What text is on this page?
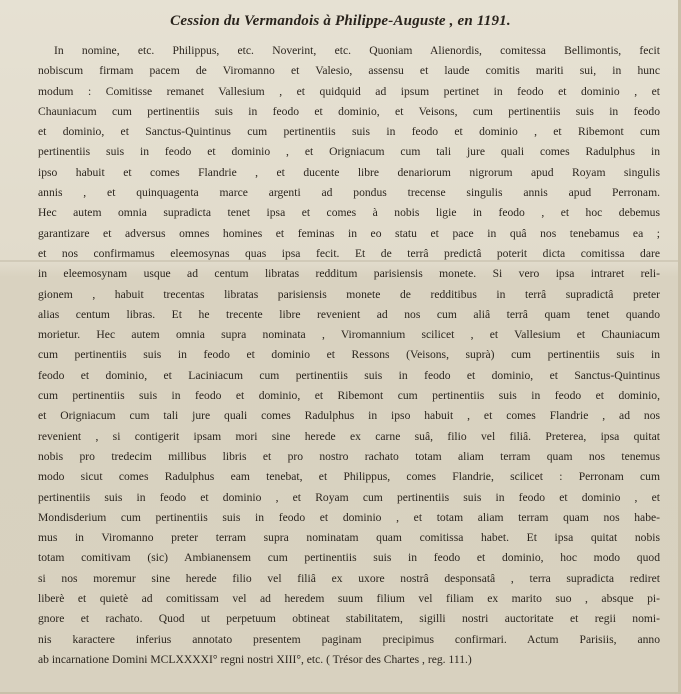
Cession du Vermandois à Philippe-Auguste , en 1191.
In nomine, etc. Philippus, etc. Noverint, etc. Quoniam Alienordis, comitessa Bellimontis, fecit
nobiscum firmam pacem de Viromanno et Valesio, assensu et laude comitis mariti sui, in hunc
modum : Comitisse remanet Vallesium , et quidquid ad ipsum pertinet in feodo et dominio , et
Chauniacum cum pertinentiis suis in feodo et dominio, et Veisons, cum pertinentiis suis in feodo
et dominio, et Sanctus-Quintinus cum pertinentiis suis in feodo et dominio , et Ribemont cum
pertinentiis suis in feodo et dominio , et Origniacum cum tali jure quali comes Radulphus in
ipso habuit et comes Flandrie , et ducente libre denariorum nigrorum apud Royam singulis
annis , et quinquagenta marce argenti ad pondus trecense singulis annis apud Perronam.
Hec autem omnia supradicta tenet ipsa et comes à nobis ligie in feodo , et hoc debemus
garantizare et adversus omnes homines et feminas in eo statu et pace in quâ nos tenebamus ea ;
et nos confirmamus eleemosynas quas ipsa fecit. Et de terrâ predictâ poterit dicta comitissa dare
in eleemosynam usque ad centum libratas redditum parisiensis monete. Si vero ipsa intraret reli-
gionem , habuit trecentas libratas parisiensis monete de redditibus in terrâ supradictâ preter
alias centum libras. Et he trecente libre revenient ad nos cum aliâ terrâ quam tenet quando
morietur. Hec autem omnia supra nominata , Viromannium scilicet , et Vallesium et Chauniacum
cum pertinentiis suis in feodo et dominio et Ressons (Veisons, suprà) cum pertinentiis suis in
feodo et dominio, et Laciniacum cum pertinentiis suis in feodo et dominio, et Sanctus-Quintinus
cum pertinentiis suis in feodo et dominio, et Ribemont cum pertinentiis suis in feodo et dominio,
et Origniacum cum tali jure quali comes Radulphus in ipso habuit , et comes Flandrie , ad nos
revenient , si contigerit ipsam mori sine herede ex carne suâ, filio vel filiâ. Preterea, ipsa quitat
nobis pro tredecim millibus libris et pro nostro rachato totam aliam terram quam nos tenemus
modo sicut comes Radulphus eam tenebat, et Philippus, comes Flandrie, scilicet : Perronam cum
pertinentiis suis in feodo et dominio , et Royam cum pertinentiis suis in feodo et dominio , et
Mondisderium cum pertinentiis suis in feodo et dominio , et totam aliam terram quam nos habe-
mus in Viromanno preter terram supra nominatam quam comitissa habet. Et ipsa quitat nobis
totam comitivam (sic) Ambianensem cum pertinentiis suis in feodo et dominio, hoc modo quod
si nos moremur sine herede filio vel filiâ ex uxore nostrâ desponsatâ , terra supradicta rediret
liberè et quietè ad comitissam vel ad heredem suum filium vel filiam ex marito suo , absque pi-
gnore et rachato. Quod ut perpetuum obtineat stabilitatem, sigilli nostri auctoritate et regii nomi-
nis karactere inferius annotato presentem paginam precipimus confirmari. Actum Parisiis, anno
ab incarnatione Domini MCLXXXXI° regni nostri XIII°, etc. ( Trésor des Chartes , reg. 111.)
